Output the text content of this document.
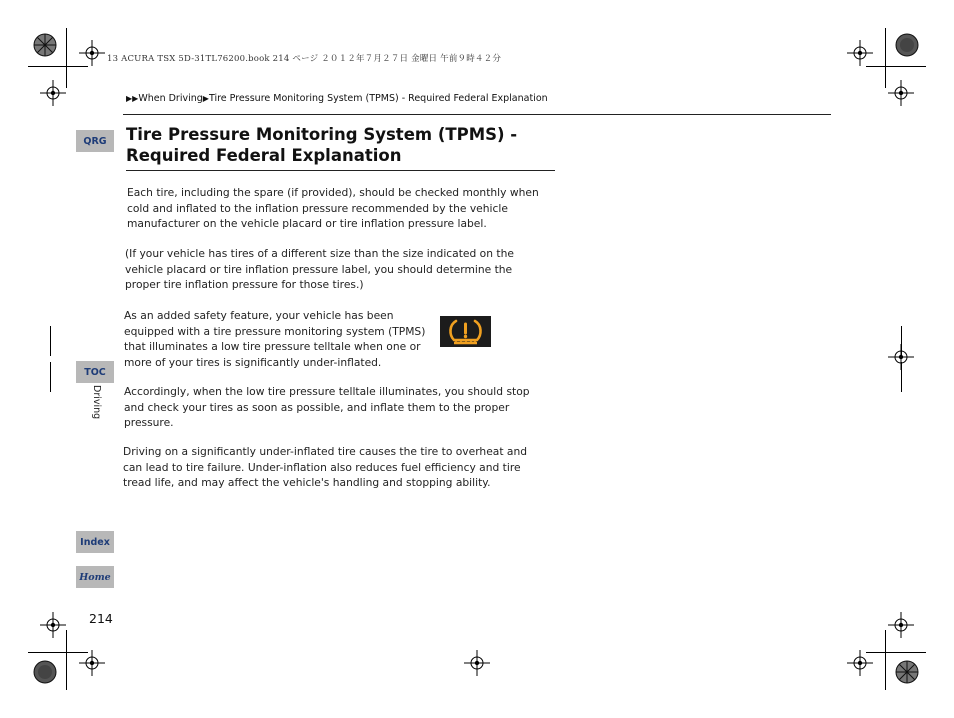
13 ACURA TSX 5D-31TL76200.book 214 ページ ２０１２年７月２７日 金曜日 午前９時４２分
▶▶When Driving▶Tire Pressure Monitoring System (TPMS) - Required Federal Explanation
Tire Pressure Monitoring System (TPMS) -
Required Federal Explanation
Each tire, including the spare (if provided), should be checked monthly when cold and inflated to the inflation pressure recommended by the vehicle manufacturer on the vehicle placard or tire inflation pressure label.
(If your vehicle has tires of a different size than the size indicated on the vehicle placard or tire inflation pressure label, you should determine the proper tire inflation pressure for those tires.)
As an added safety feature, your vehicle has been equipped with a tire pressure monitoring system (TPMS) that illuminates a low tire pressure telltale when one or more of your tires is significantly under-inflated.
Accordingly, when the low tire pressure telltale illuminates, you should stop and check your tires as soon as possible, and inflate them to the proper pressure.
Driving on a significantly under-inflated tire causes the tire to overheat and can lead to tire failure. Under-inflation also reduces fuel efficiency and tire tread life, and may affect the vehicle's handling and stopping ability.
QRG
TOC
Driving
Index
Home
214
